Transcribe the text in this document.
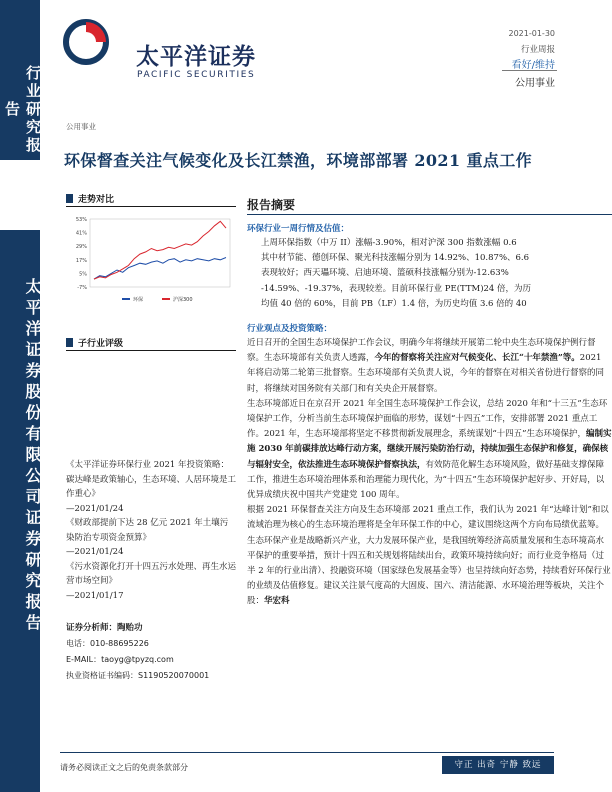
行业研究报告
太平洋证券股份有限公司证券研究报告
太平洋证券
PACIFIC SECURITIES
2021-01-30
行业周报
看好/维持
公用事业
公用事业
环保督查关注气候变化及长江禁渔，环境部部署 2021 重点工作
走势对比
53%
41%
29%
17%
5%
-7%
环保	沪深300
子行业评级
《太平洋证券环保行业 2021 年投资策略：碳达峰是政策轴心，生态环境、人居环境是工作重心》
—2021/01/24
《财政部提前下达 28 亿元 2021 年土壤污染防治专项资金预算》
—2021/01/24
《污水资源化打开十四五污水处理、再生水运营市场空间》
—2021/01/17
证券分析师：陶贻功
电话：010-88695226
E-MAIL：taoyg@tpyzq.com
执业资格证书编码：S1190520070001
报告摘要
环保行业一周行情及估值：
上周环保指数（中万 II）涨幅-3.90%，相对沪深 300 指数涨幅 0.6
其中材节能、德创环保、聚光科技涨幅分别为 14.92%、10.87%、6.6
表现较好；西天瓃环境、启迪环境、篮硕科技涨幅分别为-12.63%
-14.59%、-19.37%，表现较差。目前环保行业 PE(TTM)24 倍，为历
均值 40 倍的 60%，目前 PB（LF）1.4 倍，为历史均值 3.6 倍的 40
行业观点及投资策略：

近日召开的全国生态环境保护工作会议，明确今年将继续开展第二轮中央生态环境保护例行督察。生态环境部有关负责人透露，今年的督察将关注应对气候变化、长江“十年禁渔”等。2021 年将启动第二轮第三批督察。生态环境部有关负责人说，今年的督察在对相关省份进行督察的同时，将继续对国务院有关部门和有关央企开展督察。

生态环境部近日在京召开 2021 年全国生态环境保护工作会议，总结 2020 年和“十三五”生态环境保护工作，分析当前生态环境保护面临的形势，谋划“十四五”工作，安排部署 2021 重点工作。2021 年，生态环境部将坚定不移贯彻新发展理念，系统谋划“十四五”生态环境保护，编制实施 2030 年前碳排放达峰行动方案，继续开展污染防治行动，持续加强生态保护和修复，确保核与辐射安全，依法推进生态环境保护督察执法，有效防范化解生态环境风险，做好基础支撑保障工作，推进生态环境治理体系和治理能力现代化，为“十四五”生态环境保护起好步、开好局，以优异成绩庆祝中国共产党建党 100 周年。

根据 2021 环保督查关注方向及生态环境部 2021 重点工作，我们认为 2021 年“达峰计划”和以流域治理为核心的生态环境治理将是全年环保工作的中心，建议围绕这两个方向布局绩优蓝筹。

生态环保产业是战略新兴产业，大力发展环保产业，是我国统筹经济高质量发展和生态环境高水平保护的重要举措，预计十四五和关规划将陆续出台，政策环境持续向好；而行业竞争格局（过半 2 年的行业出清）、投融资环境（国家绿色发展基金等）也呈持续向好态势，持续看好环保行业的业绩及估值修复。建议关注景气度高的大固废、国六、清洁能源、水环境治理等板块，关注个股：华宏科

请务必阅读正文之后的免责条款部分	守正 出奇 宁静 致远
